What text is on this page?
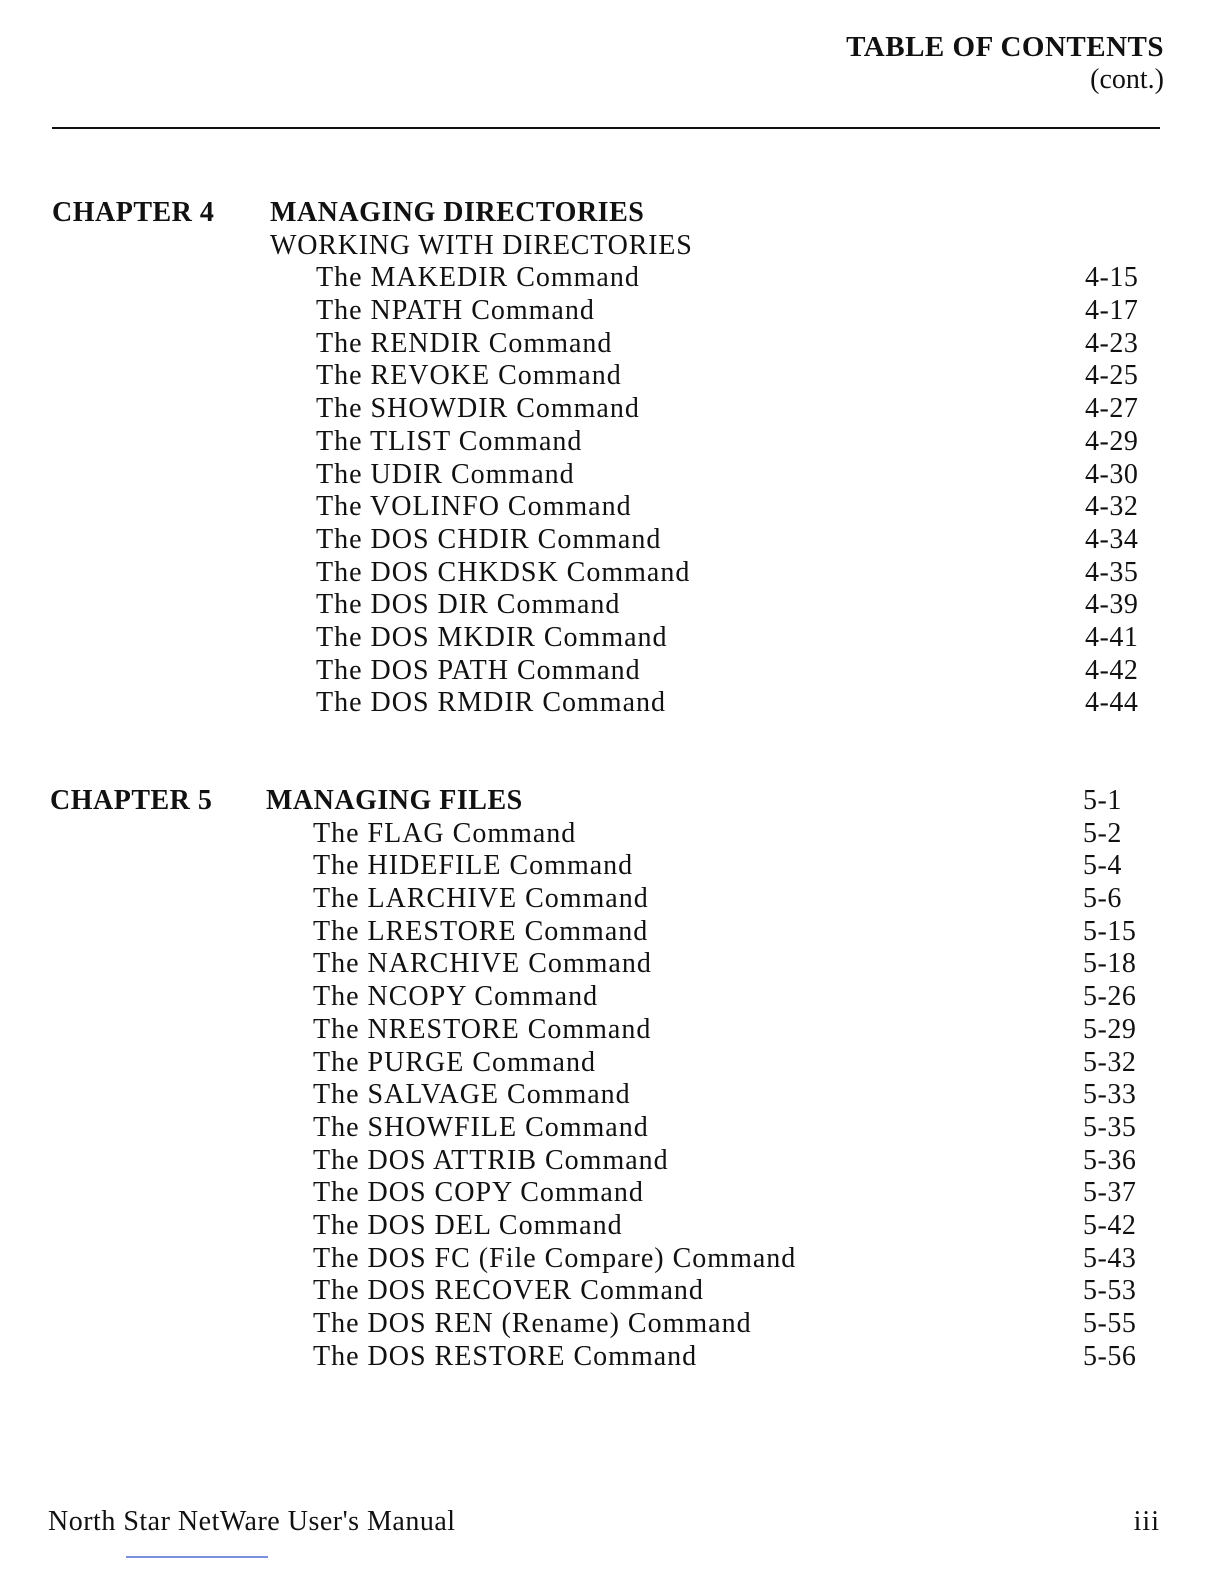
TABLE OF CONTENTS
(cont.)
CHAPTER 4 MANAGING DIRECTORIES
WORKING WITH DIRECTORIES
The MAKEDIR Command	4-15
The NPATH Command	4-17
The RENDIR Command	4-23
The REVOKE Command	4-25
The SHOWDIR Command	4-27
The TLIST Command	4-29
The UDIR Command	4-30
The VOLINFO Command	4-32
The DOS CHDIR Command	4-34
The DOS CHKDSK Command	4-35
The DOS DIR Command	4-39
The DOS MKDIR Command	4-41
The DOS PATH Command	4-42
The DOS RMDIR Command	4-44
CHAPTER 5 MANAGING FILES	5-1
The FLAG Command	5-2
The HIDEFILE Command	5-4
The LARCHIVE Command	5-6
The LRESTORE Command	5-15
The NARCHIVE Command	5-18
The NCOPY Command	5-26
The NRESTORE Command	5-29
The PURGE Command	5-32
The SALVAGE Command	5-33
The SHOWFILE Command	5-35
The DOS ATTRIB Command	5-36
The DOS COPY Command	5-37
The DOS DEL Command	5-42
The DOS FC (File Compare) Command	5-43
The DOS RECOVER Command	5-53
The DOS REN (Rename) Command	5-55
The DOS RESTORE Command	5-56
North Star NetWare User's Manual	iii
